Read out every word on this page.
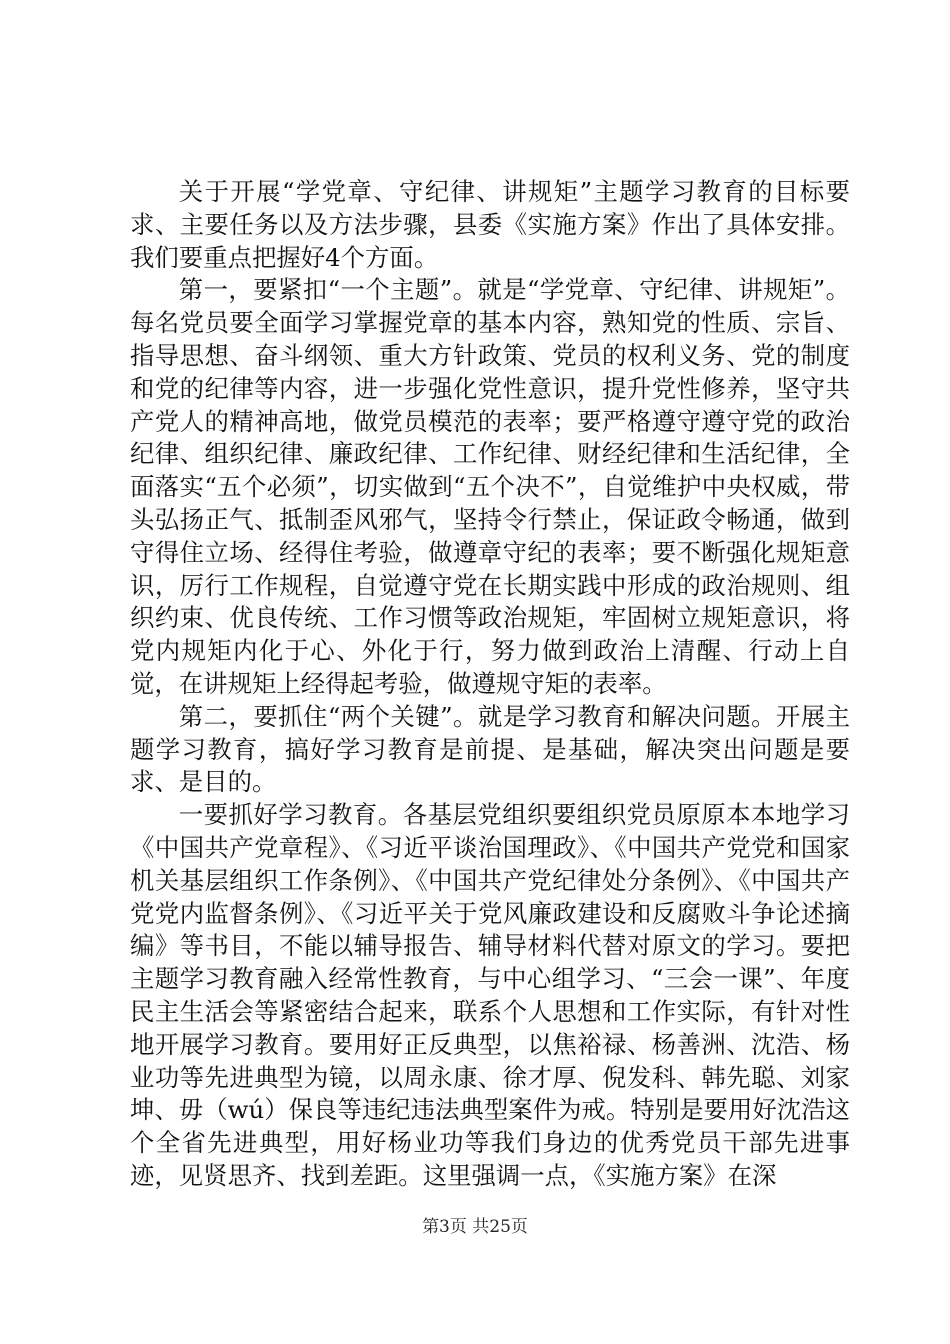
关于开展“学党章、守纪律、讲规矩”主题学习教育的目标要求、主要任务以及方法步骤，县委《实施方案》作出了具体安排。我们要重点把握好4个方面。

第一，要紧扣“一个主题”。就是“学党章、守纪律、讲规矩”。每名党员要全面学习掌握党章的基本内容，熟知党的性质、宗旨、指导思想、奋斗纲领、重大方针政策、党员的权利义务、党的制度和党的纪律等内容，进一步强化党性意识，提升党性修养，坚守共产党人的精神高地，做党员模范的表率；要严格遵守遵守党的政治纪律、组织纪律、廉政纪律、工作纪律、财经纪律和生活纪律，全面落实“五个必须”，切实做到“五个决不”，自觉维护中央权威，带头弘扬正气、抵制歪风邪气，坚持令行禁止，保证政令畅通，做到守得住立场、经得住考验，做遵章守纪的表率；要不断强化规矩意识，厉行工作规程，自觉遵守党在长期实践中形成的政治规则、组织约束、优良传统、工作习惯等政治规矩，牢固树立规矩意识，将党内规矩内化于心、外化于行，努力做到政治上清醒、行动上自觉，在讲规矩上经得起考验，做遵规守矩的表率。

第二，要抓住“两个关键”。就是学习教育和解决问题。开展主题学习教育，搞好学习教育是前提、是基础，解决突出问题是要求、是目的。

一要抓好学习教育。各基层党组织要组织党员原原本本地学习《中国共产党章程》、《习近平谈治国理政》、《中国共产党党和国家机关基层组织工作条例》、《中国共产党纪律处分条例》、《中国共产党党内监督条例》、《习近平关于党风廉政建设和反腐败斗争论述摘编》等书目，不能以辅导报告、辅导材料代替对原文的学习。要把主题学习教育融入经常性教育，与中心组学习、“三会一课”、年度民主生活会等紧密结合起来，联系个人思想和工作实际，有针对性地开展学习教育。要用好正反典型，以焦裕禄、杨善洲、沈浩、杨业功等先进典型为镜，以周永康、徐才厚、倪发科、韩先聪、刘家坤、毋（wú）保良等违纪违法典型案件为戒。特别是要用好沈浩这个全省先进典型，用好杨业功等我们身边的优秀党员干部先进事迹，见贤思齐、找到差距。这里强调一点，《实施方案》在深

第3页 共25页
